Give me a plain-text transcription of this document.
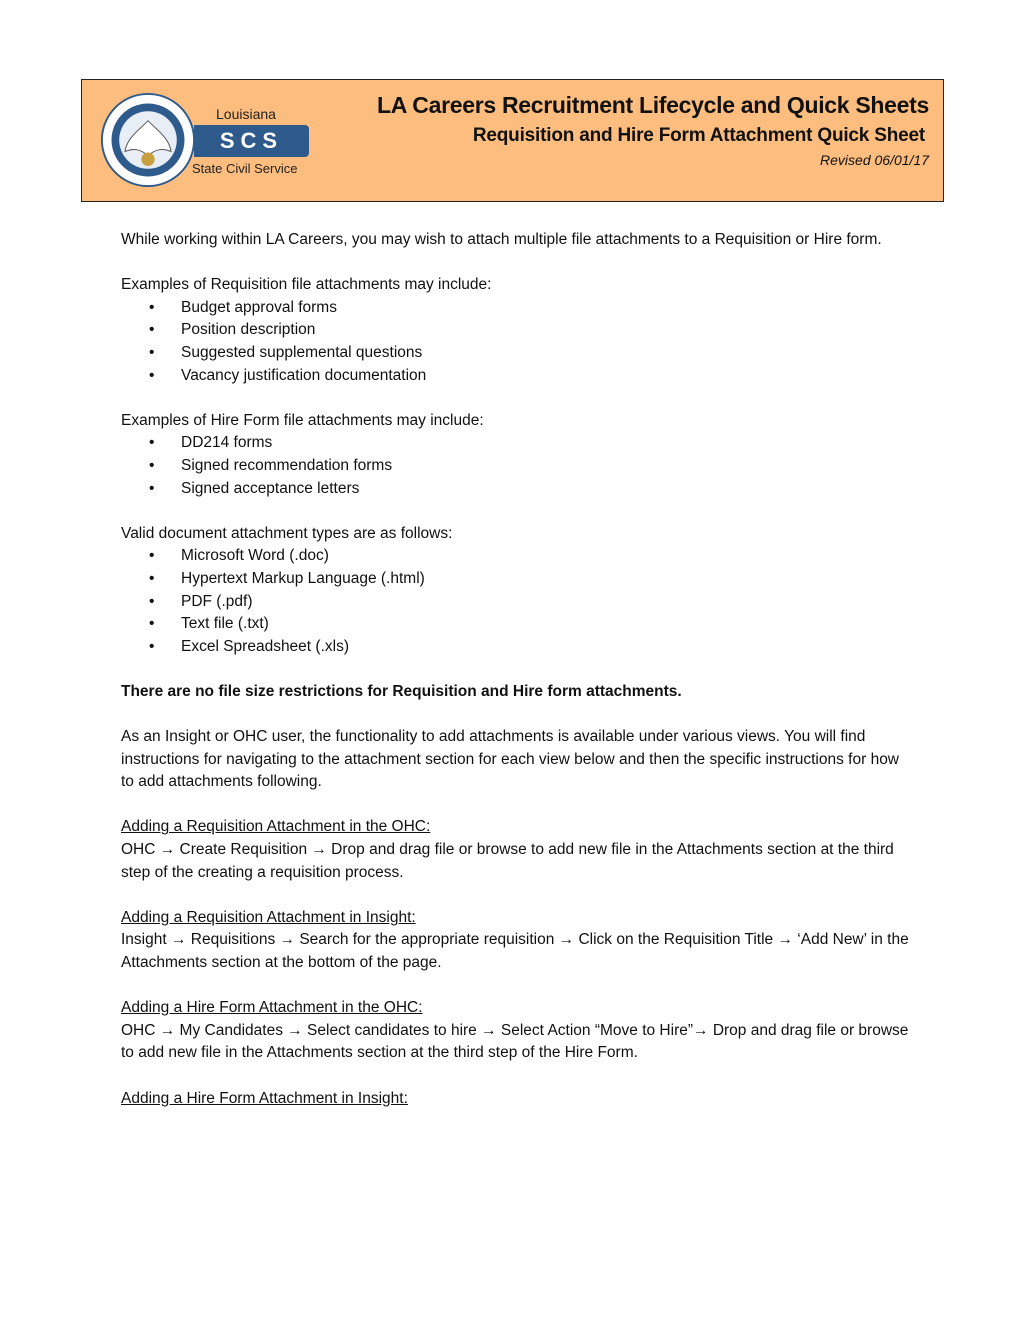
Louisiana
SCS
State Civil Service
LA Careers Recruitment Lifecycle and Quick Sheets
Requisition and Hire Form Attachment Quick Sheet
Revised 06/01/17

While working within LA Careers, you may wish to attach multiple file attachments to a Requisition or Hire form.

Examples of Requisition file attachments may include:
• Budget approval forms
• Position description
• Suggested supplemental questions
• Vacancy justification documentation
Examples of Hire Form file attachments may include:
• DD214 forms
• Signed recommendation forms
• Signed acceptance letters
Valid document attachment types are as follows:
• Microsoft Word (.doc)
• Hypertext Markup Language (.html)
• PDF (.pdf)
• Text file (.txt)
• Excel Spreadsheet (.xls)

There are no file size restrictions for Requisition and Hire form attachments.

As an Insight or OHC user, the functionality to add attachments is available under various views. You will find instructions for navigating to the attachment section for each view below and then the specific instructions for how to add attachments following.

Adding a Requisition Attachment in the OHC:

OHC → Create Requisition → Drop and drag file or browse to add new file in the Attachments section at the third step of the creating a requisition process.

Adding a Requisition Attachment in Insight:

Insight → Requisitions → Search for the appropriate requisition → Click on the Requisition Title → ‘Add New’ in the Attachments section at the bottom of the page.

Adding a Hire Form Attachment in the OHC:

OHC → My Candidates → Select candidates to hire → Select Action “Move to Hire”→ Drop and drag file or browse to add new file in the Attachments section at the third step of the Hire Form.

Adding a Hire Form Attachment in Insight:
